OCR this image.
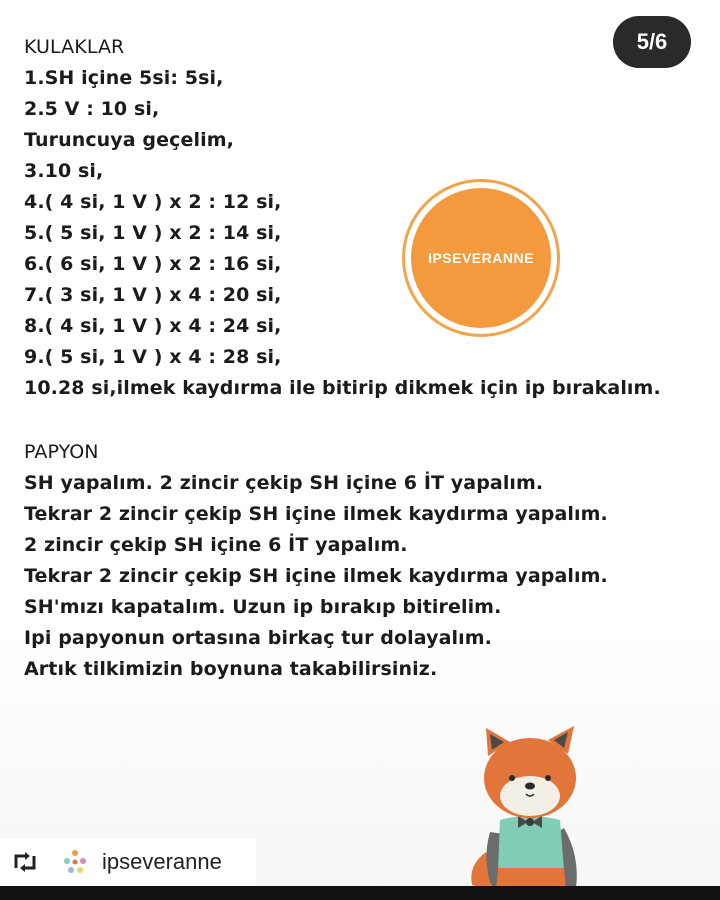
5/6
KULAKLAR
1.SH içine 5si: 5si,
2.5 V : 10 si,
Turuncuya geçelim,
3.10 si,
4.( 4 si, 1 V ) x 2 : 12 si,
5.( 5 si, 1 V ) x 2 : 14 si,
6.( 6 si, 1 V ) x 2 : 16 si,
7.( 3 si, 1 V ) x 4 : 20 si,
8.( 4 si, 1 V ) x 4 : 24 si,
9.( 5 si, 1 V ) x 4 : 28 si,
10.28 si,ilmek kaydırma ile bitirip dikmek için ip bırakalım.
PAPYON
SH yapalım. 2 zincir çekip SH içine 6 İT yapalım.
Tekrar 2 zincir çekip SH içine ilmek kaydırma yapalım.
2 zincir çekip SH içine 6 İT yapalım.
Tekrar 2 zincir çekip SH içine ilmek kaydırma yapalım.
SH'mızı kapatalım. Uzun ip bırakıp bitirelim.
Ipi papyonun ortasına birkaç tur dolayalım.
Artık tilkimizin boynuna takabilirsiniz.
IPSEVERANNE
ipseveranne
